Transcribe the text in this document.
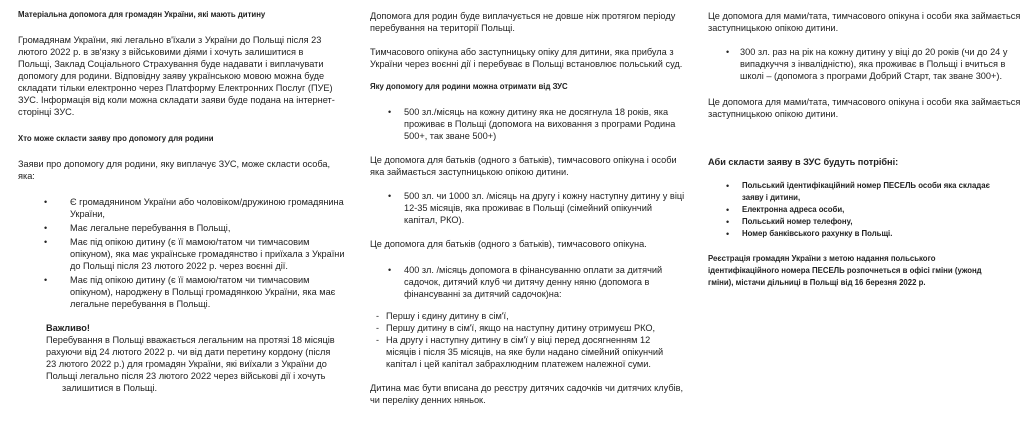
Матеріальна допомога для громадян України, які мають дитину
Громадянам України, які легально в'їхали з України до Польщі після 23
лютого 2022 р. в зв'язку з військовими діями і хочуть залишитися в
Польщі, Заклад Соціального Страхування буде надавати і виплачувати
допомогу для родини. Відповідну заяву українською мовою можна буде
складати тільки електронно через Платформу Електронних Послуг (ПУЕ)
ЗУС. Інформація від коли можна складати заяви буде подана на інтернет-
сторінці ЗУС.
Хто може скласти заяву про допомогу для родини
Заяви про допомогу для родини, яку виплачує ЗУС, може скласти особа,
яка:
• Є громадянином України або чоловіком/дружиною громадянина
України,
• Має легальне перебування в Польщі,
• Має під опікою дитину (є її мамою/татом чи тимчасовим
опікуном), яка має українське громадянство і приїхала з України
до Польщі після 23 лютого 2022 р. через воєнні дії.
• Має під опікою дитину (є її мамою/татом чи тимчасовим
опікуном), народжену в Польщі громадянкою України, яка має
легальне перебування в Польщі.
Важливо!
Перебування в Польщі вважається легальним на протязі 18 місяців
рахуючи від 24 лютого 2022 р. чи від дати перетину кордону (після
23 лютого 2022 р.) для громадян України, які виїхали з України до
Польщі легально після 23 лютого 2022 через військові дії і хочуть
залишитися в Польщі.
Допомога для родин буде виплачується не довше ніж протягом періоду
перебування на території Польщі.
Тимчасового опікуна або заступницьку опіку для дитини, яка прибула з
України через воєнні дії і перебуває в Польщі встановлює польський суд.
Яку допомогу для родини можна отримати від ЗУС
• 500 зл./місяць на кожну дитину яка не досягнула 18 років, яка
проживає в Польщі (допомога на виховання з програми Родина
500+, так зване 500+)
Це допомога для батьків (одного з батьків), тимчасового опікуна і особи
яка займається заступницькою опікою дитини.
• 500 зл. чи 1000 зл. /місяць на другу і кожну наступну дитину у віці
12-35 місяців, яка проживає в Польщі (сімейний опікунчий
капітал, РКО).
Це допомога для батьків (одного з батьків), тимчасового опікуна.
• 400 зл. /місяць допомога в фінансуванню оплати за дитячий
садочок, дитячий клуб чи дитячу денну няню (допомога в
фінансуванні за дитячий садочок)на:
- Першу і єдину дитину в сім'ї,
- Першу дитину в сім'ї, якщо на наступну дитину отримуєш РКО,
- На другу і наступну дитину в сім'ї у віці перед досягненням 12
місяців і після 35 місяців, на яке були надано сімейний опікунчий
капітал і цей капітал забрахлюдним платежем належної суми.
Дитина має бути вписана до реєстру дитячих садочків чи дитячих клубів,
чи переліку денних няньок.
Це допомога для мами/тата, тимчасового опікуна і особи яка займається
заступницькою опікою дитини.
• 300 зл. раз на рік на кожну дитину у віці до 20 років (чи до 24 у
випадкуччя з інвалідністю), яка проживає в Польщі і вчиться в
школі – (допомога з програми Добрий Старт, так зване 300+).
Це допомога для мами/тата, тимчасового опікуна і особи яка займається
заступницькою опікою дитини.
Аби скласти заяву в ЗУС будуть потрібні:
• Польський ідентифікаційний номер ПЕСЕЛЬ особи яка складає
заяву і дитини,
• Електронна адреса особи,
• Польський номер телефону,
• Номер банківського рахунку в Польщі.
Реєстрація громадян України з метою надання польського
ідентифікаційного номера ПЕСЕЛЬ розпочнеться в офісі гміни (ужонд
гміни), містачи дільниці в Польщі від 16 березня 2022 р.
